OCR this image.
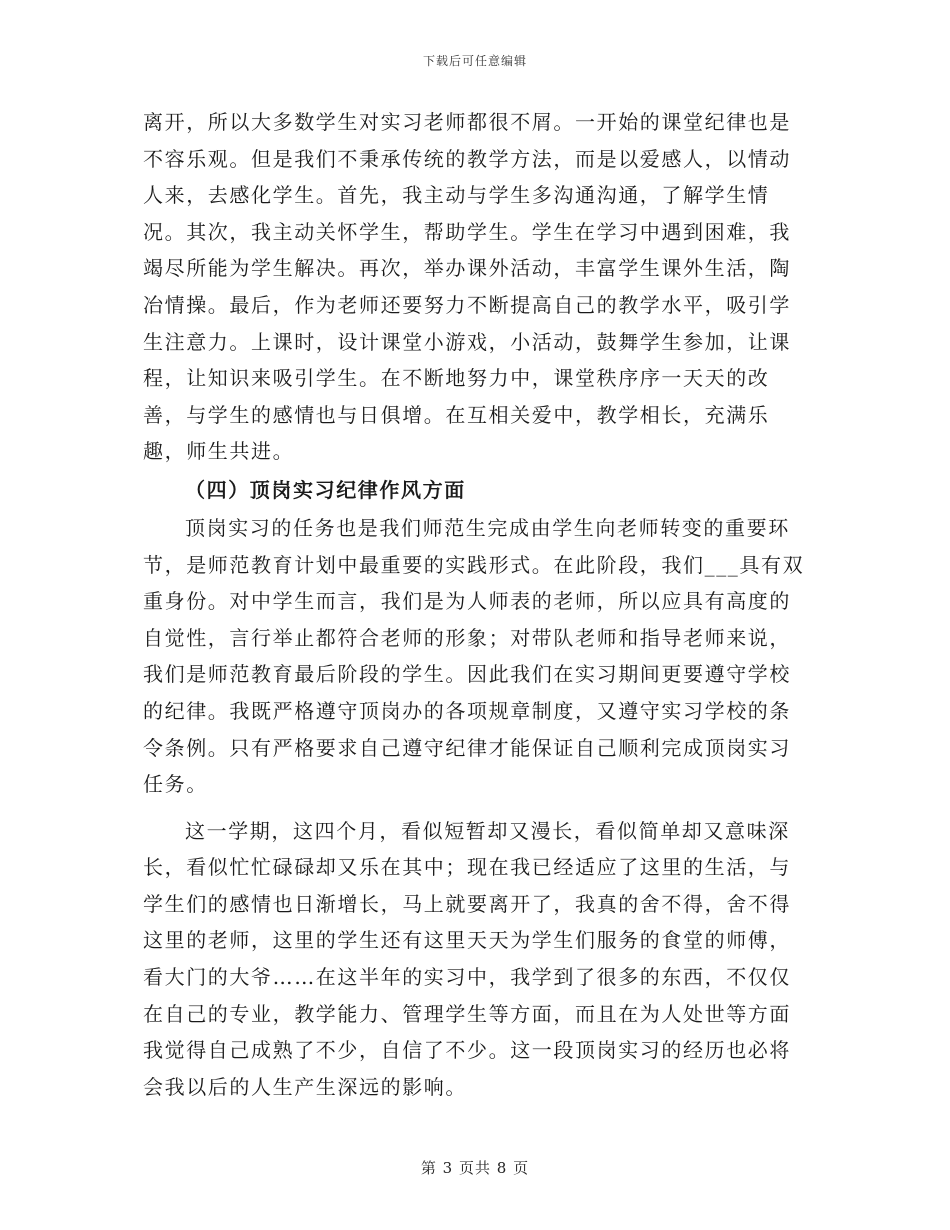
下载后可任意编辑

离开，所以大多数学生对实习老师都很不屑。一开始的课堂纪律也是不容乐观。但是我们不秉承传统的教学方法，而是以爱感人，以情动人来，去感化学生。首先，我主动与学生多沟通沟通，了解学生情况。其次，我主动关怀学生，帮助学生。学生在学习中遇到困难，我竭尽所能为学生解决。再次，举办课外活动，丰富学生课外生活，陶冶情操。最后，作为老师还要努力不断提高自己的教学水平，吸引学生注意力。上课时，设计课堂小游戏，小活动，鼓舞学生参加，让课程，让知识来吸引学生。在不断地努力中，课堂秩序序一天天的改善，与学生的感情也与日俱增。在互相关爱中，教学相长，充满乐趣，师生共进。

（四）顶岗实习纪律作风方面

顶岗实习的任务也是我们师范生完成由学生向老师转变的重要环节，是师范教育计划中最重要的实践形式。在此阶段，我们___具有双重身份。对中学生而言，我们是为人师表的老师，所以应具有高度的自觉性，言行举止都符合老师的形象；对带队老师和指导老师来说，我们是师范教育最后阶段的学生。因此我们在实习期间更要遵守学校的纪律。我既严格遵守顶岗办的各项规章制度，又遵守实习学校的条令条例。只有严格要求自己遵守纪律才能保证自己顺利完成顶岗实习任务。

这一学期，这四个月，看似短暂却又漫长，看似简单却又意味深长，看似忙忙碌碌却又乐在其中；现在我已经适应了这里的生活，与学生们的感情也日渐增长，马上就要离开了，我真的舍不得，舍不得这里的老师，这里的学生还有这里天天为学生们服务的食堂的师傅，看大门的大爷……在这半年的实习中，我学到了很多的东西，不仅仅在自己的专业，教学能力、管理学生等方面，而且在为人处世等方面我觉得自己成熟了不少，自信了不少。这一段顶岗实习的经历也必将会我以后的人生产生深远的影响。

第 3 页共 8 页
